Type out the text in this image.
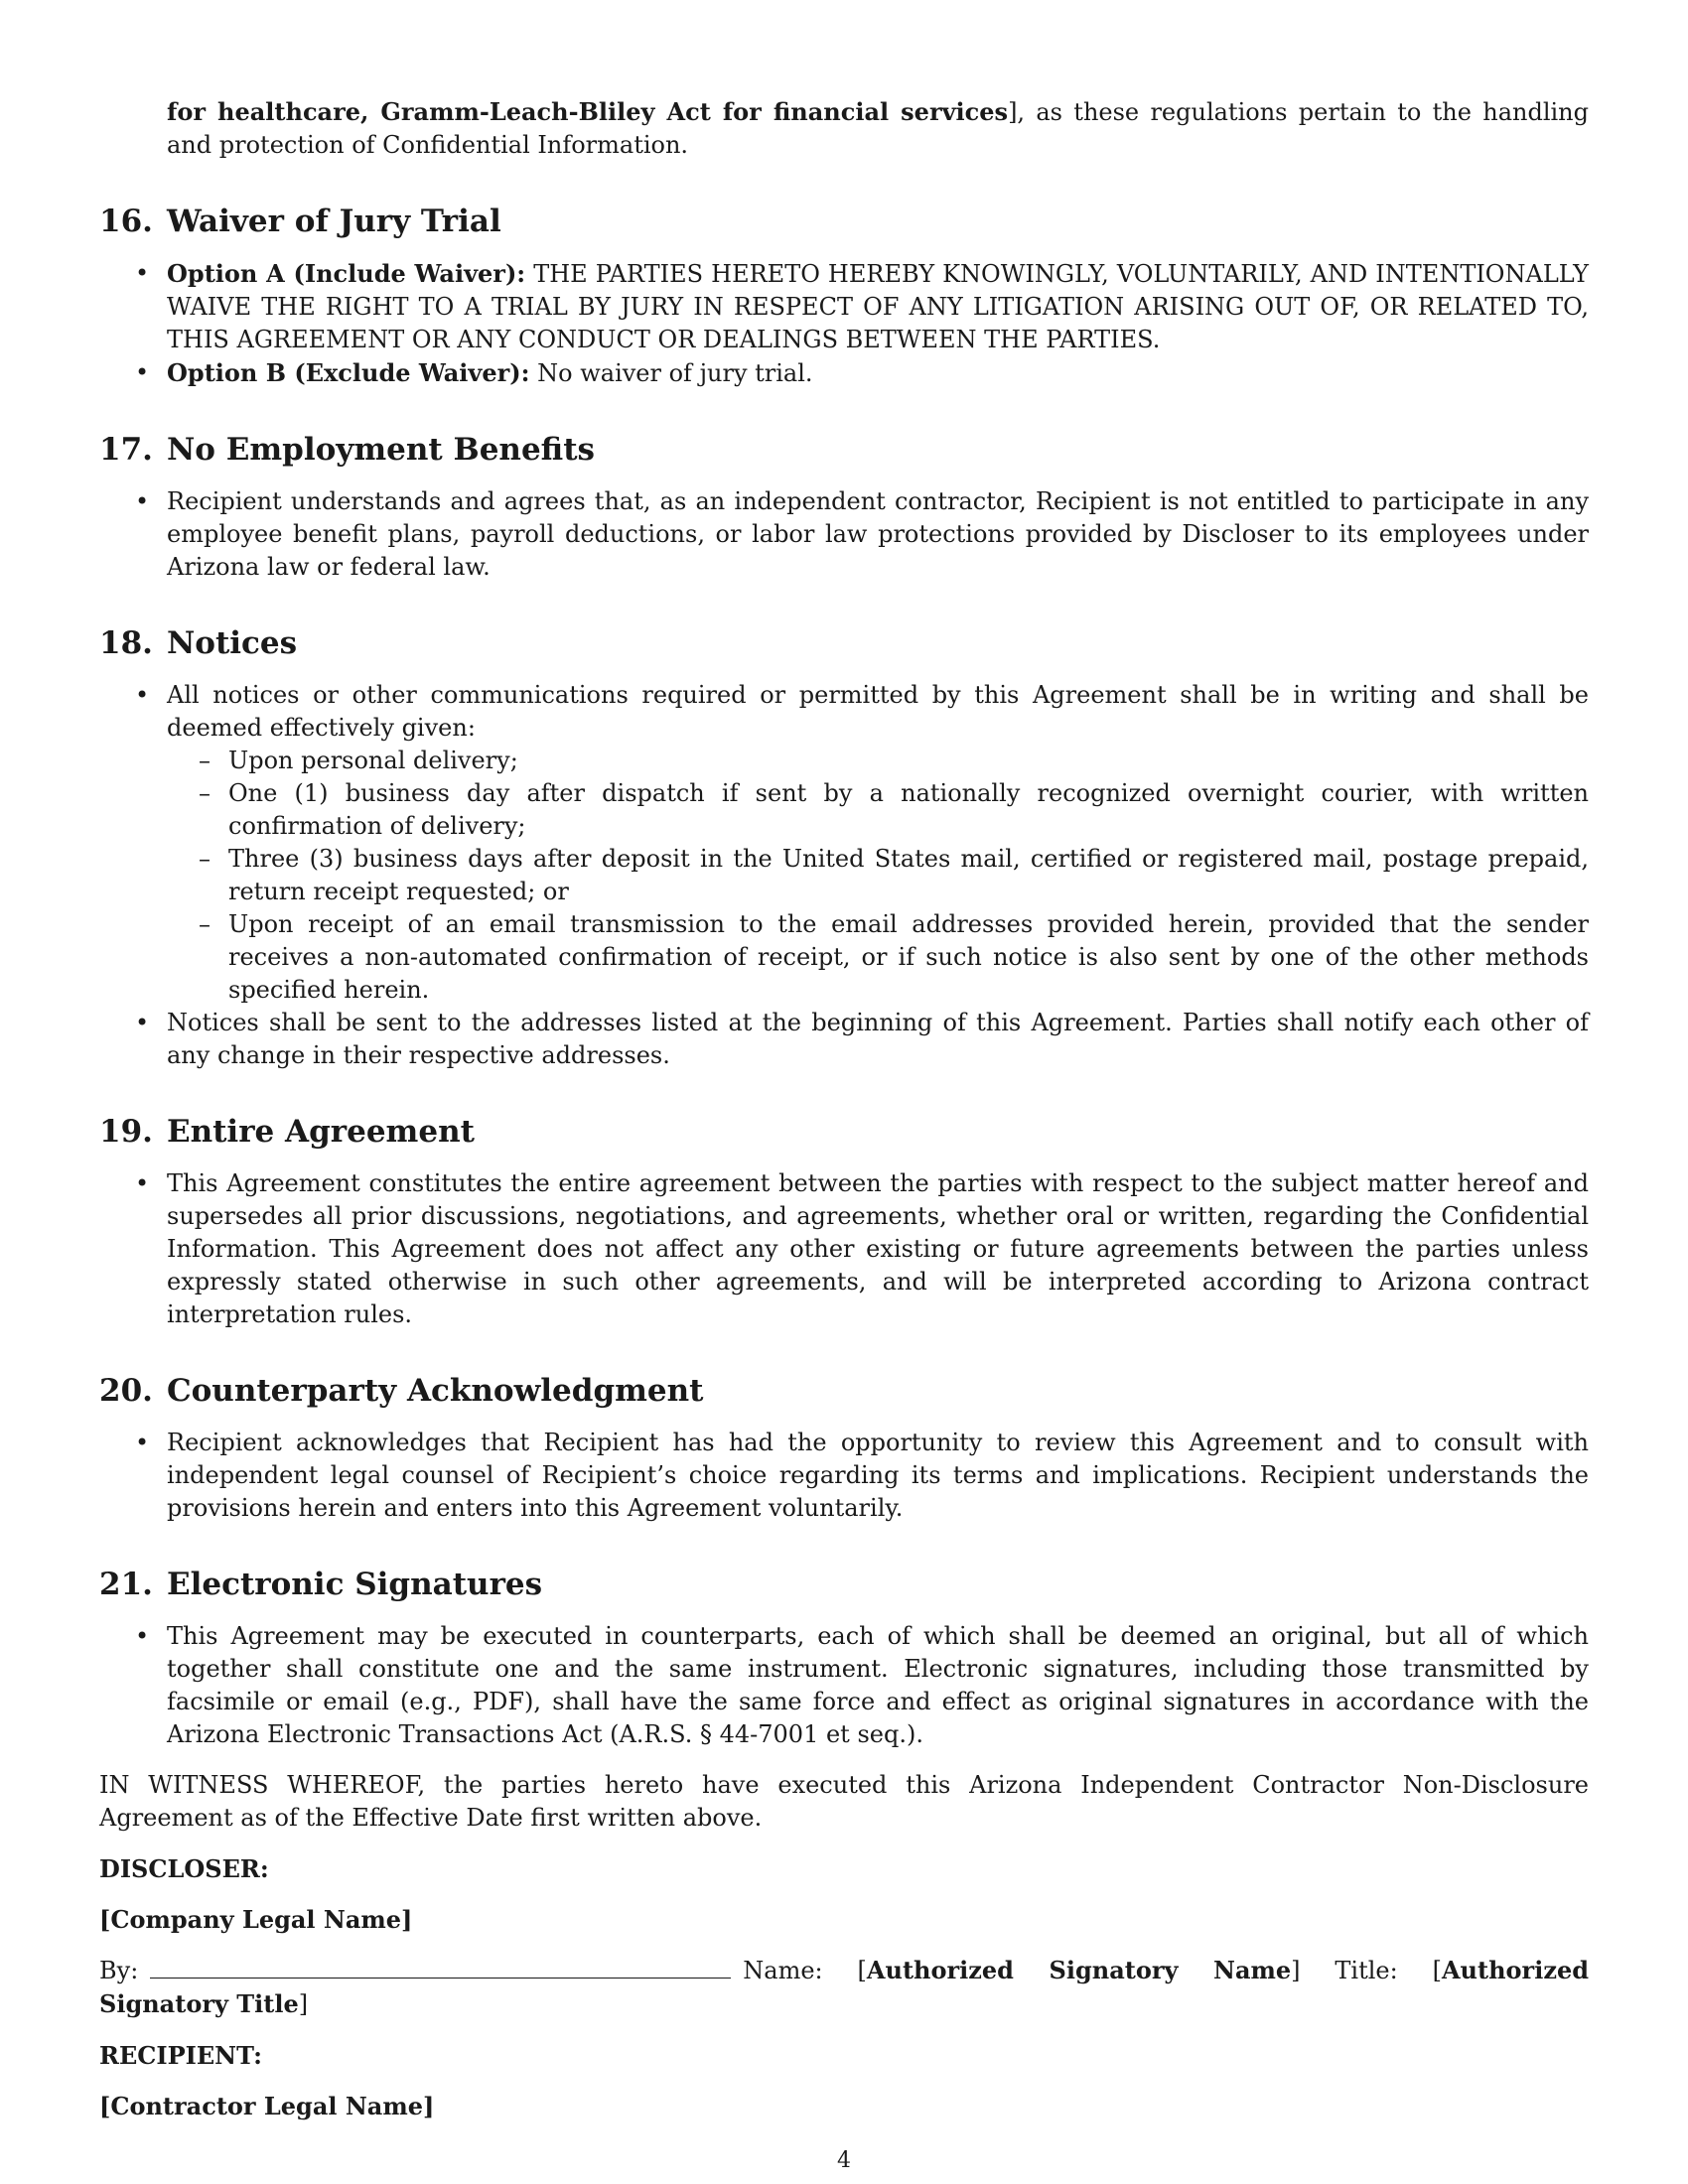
for healthcare, Gramm-Leach-Bliley Act for financial services], as these regulations pertain to the handling and protection of Confidential Information.

16. Waiver of Jury Trial
• Option A (Include Waiver): THE PARTIES HERETO HEREBY KNOWINGLY, VOLUNTARILY, AND INTENTIONALLY WAIVE THE RIGHT TO A TRIAL BY JURY IN RESPECT OF ANY LITIGATION ARISING OUT OF, OR RELATED TO, THIS AGREEMENT OR ANY CONDUCT OR DEALINGS BETWEEN THE PARTIES.
• Option B (Exclude Waiver): No waiver of jury trial.
17. No Employment Benefits
• Recipient understands and agrees that, as an independent contractor, Recipient is not entitled to participate in any employee benefit plans, payroll deductions, or labor law protections provided by Discloser to its employees under Arizona law or federal law.
18. Notices
• All notices or other communications required or permitted by this Agreement shall be in writing and shall be deemed effectively given:
– Upon personal delivery;
– One (1) business day after dispatch if sent by a nationally recognized overnight courier, with written confirmation of delivery;
– Three (3) business days after deposit in the United States mail, certified or registered mail, postage prepaid, return receipt requested; or
– Upon receipt of an email transmission to the email addresses provided herein, provided that the sender receives a non-automated confirmation of receipt, or if such notice is also sent by one of the other methods specified herein.
• Notices shall be sent to the addresses listed at the beginning of this Agreement. Parties shall notify each other of any change in their respective addresses.
19. Entire Agreement
• This Agreement constitutes the entire agreement between the parties with respect to the subject matter hereof and supersedes all prior discussions, negotiations, and agreements, whether oral or written, regarding the Confidential Information. This Agreement does not affect any other existing or future agreements between the parties unless expressly stated otherwise in such other agreements, and will be interpreted according to Arizona contract interpretation rules.
20. Counterparty Acknowledgment
• Recipient acknowledges that Recipient has had the opportunity to review this Agreement and to consult with independent legal counsel of Recipient’s choice regarding its terms and implications. Recipient understands the provisions herein and enters into this Agreement voluntarily.
21. Electronic Signatures
• This Agreement may be executed in counterparts, each of which shall be deemed an original, but all of which together shall constitute one and the same instrument. Electronic signatures, including those transmitted by facsimile or email (e.g., PDF), shall have the same force and effect as original signatures in accordance with the Arizona Electronic Transactions Act (A.R.S. § 44-7001 et seq.).

IN WITNESS WHEREOF, the parties hereto have executed this Arizona Independent Contractor Non-Disclosure Agreement as of the Effective Date first written above.

DISCLOSER:

[Company Legal Name]

By:	Name: [Authorized Signatory Name] Title: [Authorized Signatory Title]

RECIPIENT:

[Contractor Legal Name]

4
